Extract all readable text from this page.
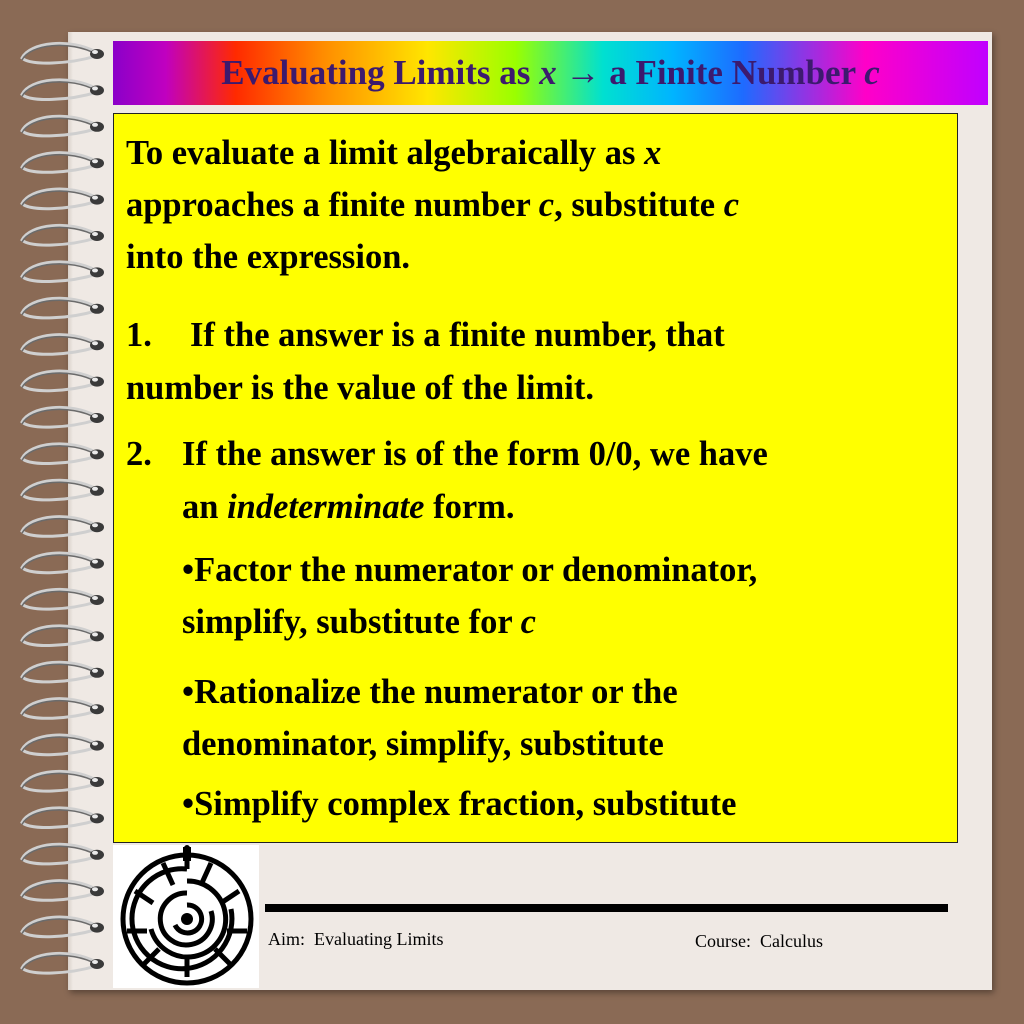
Evaluating Limits as x → a Finite Number c
To evaluate a limit algebraically as x
approaches a finite number c, substitute c
into the expression.
1. If the answer is a finite number, that
number is the value of the limit.
2. If the answer is of the form 0/0, we have
an indeterminate form.
•Factor the numerator or denominator,
simplify, substitute for c
•Rationalize the numerator or the
denominator, simplify, substitute
•Simplify complex fraction, substitute
Aim:  Evaluating Limits	Course:  Calculus
